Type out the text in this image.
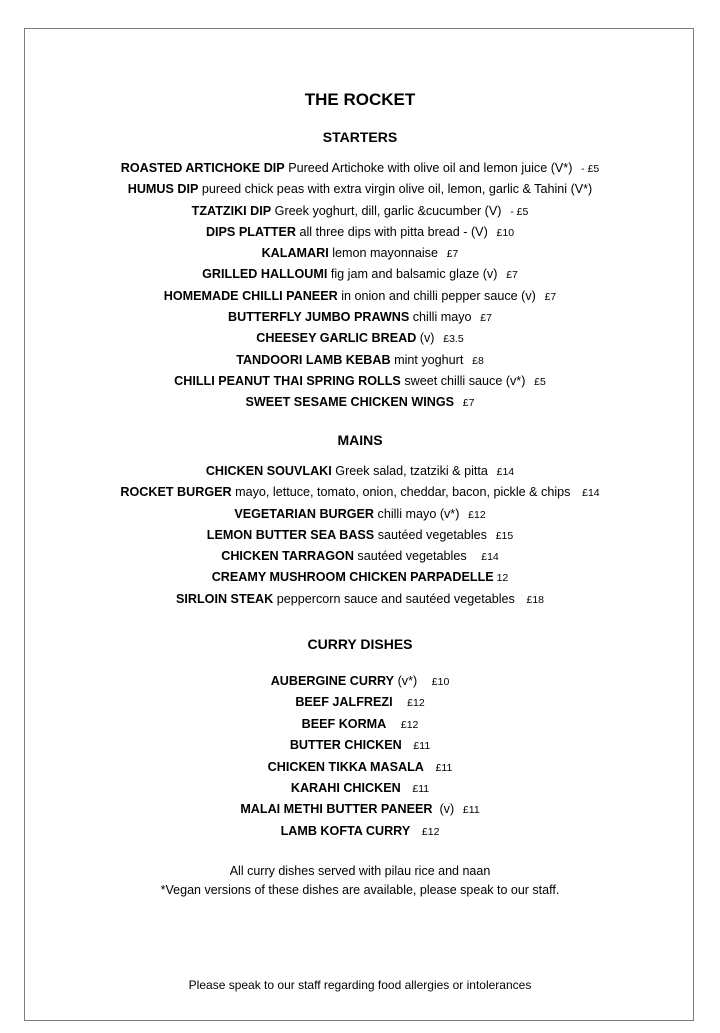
THE ROCKET
STARTERS
ROASTED ARTICHOKE DIP Pureed Artichoke with olive oil and lemon juice (V*)   - £5
HUMUS DIP pureed chick peas with extra virgin olive oil, lemon, garlic & Tahini (V*)
TZATZIKI DIP Greek yoghurt, dill, garlic &cucumber (V)   - £5
DIPS PLATTER all three dips with pitta bread - (V)   £10
KALAMARI lemon mayonnaise   £7
GRILLED HALLOUMI fig jam and balsamic glaze (v)   £7
HOMEMADE CHILLI PANEER in onion and chilli pepper sauce (v)   £7
BUTTERFLY JUMBO PRAWNS chilli mayo   £7
CHEESEY GARLIC BREAD (v)   £3.5
TANDOORI LAMB KEBAB mint yoghurt   £8
CHILLI PEANUT THAI SPRING ROLLS sweet chilli sauce (v*)   £5
SWEET SESAME CHICKEN WINGS   £7
MAINS
CHICKEN SOUVLAKI Greek salad, tzatziki & pitta   £14
ROCKET BURGER mayo, lettuce, tomato, onion, cheddar, bacon, pickle & chips    £14
VEGETARIAN BURGER chilli mayo (v*)   £12
LEMON BUTTER SEA BASS sautéed vegetables   £15
CHICKEN TARRAGON sautéed vegetables     £14
CREAMY MUSHROOM CHICKEN PARPADELLE 12
SIRLOIN STEAK peppercorn sauce and sautéed vegetables    £18
CURRY DISHES
AUBERGINE CURRY (v*)     £10
BEEF JALFREZI     £12
BEEF KORMA     £12
BUTTER CHICKEN    £11
CHICKEN TIKKA MASALA    £11
KARAHI CHICKEN    £11
MALAI METHI BUTTER PANEER  (v)   £11
LAMB KOFTA CURRY    £12
All curry dishes served with pilau rice and naan
*Vegan versions of these dishes are available, please speak to our staff.
Please speak to our staff regarding food allergies or intolerances
